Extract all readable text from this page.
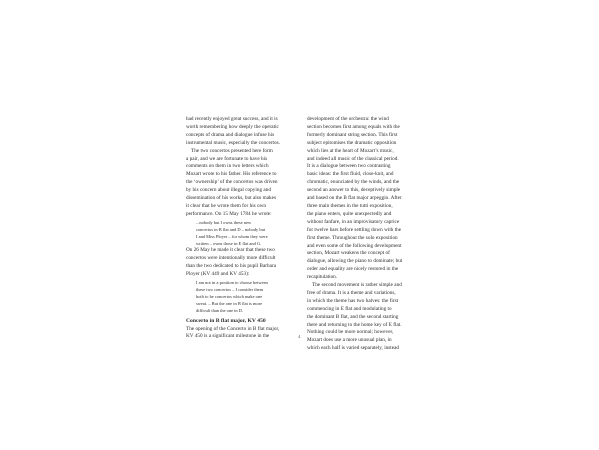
had recently enjoyed great success, and it is
worth remembering how deeply the operatic
concepts of drama and dialogue infuse his
instrumental music, especially the concertos.
The two concertos presented here form
a pair, and we are fortunate to have his
comments on them in two letters which
Mozart wrote to his father. His reference to
the ‘ownership’ of the concertos was driven
by his concern about illegal copying and
dissemination of his works, but also makes
it clear that he wrote them for his own
performance. On 15 May 1784 he wrote:
...nobody but I owns these new
concertos in B flat and D – nobody but
I and Miss Ployer – for whom they were
written – owns those in E flat and G.
On 26 May he made it clear that these two
concertos were intentionally more difficult
than the two dedicated to his pupil Barbara
Ployer (KV 449 and KV 453):
I am not in a position to choose between
these two concertos – I consider them
both to be concertos which make one
sweat. – But the one in B flat is more
difficult than the one in D.
Concerto in B flat major, KV 450
The opening of the Concerto in B flat major,
KV 450 is a significant milestone in the
development of the orchestra: the wind
section becomes first among equals with the
formerly dominant string section. This first
subject epitomises the dramatic opposition
which lies at the heart of Mozart’s music,
and indeed all music of the classical period.
It is a dialogue between two contrasting
basic ideas: the first fluid, close-knit, and
chromatic, enunciated by the winds, and the
second an answer to this, deceptively simple
and based on the B flat major arpeggio. After
three main themes in the tutti exposition,
the piano enters, quite unexpectedly and
without fanfare, in an improvisatory caprice
for twelve bars before settling down with the
first theme. Throughout the solo exposition
and even some of the following development
section, Mozart weakens the concept of
dialogue, allowing the piano to dominate; but
order and equality are nicely restored in the
recapitulation.
The second movement is rather simple and
free of drama. It is a theme and variations,
in which the theme has two halves: the first
commencing in E flat and modulating to
the dominant B flat, and the second starting
there and returning to the home key of E flat.
Nothing could be more normal; however,
Mozart does use a more unusual plan, in
which each half is varied separately, instead
4
